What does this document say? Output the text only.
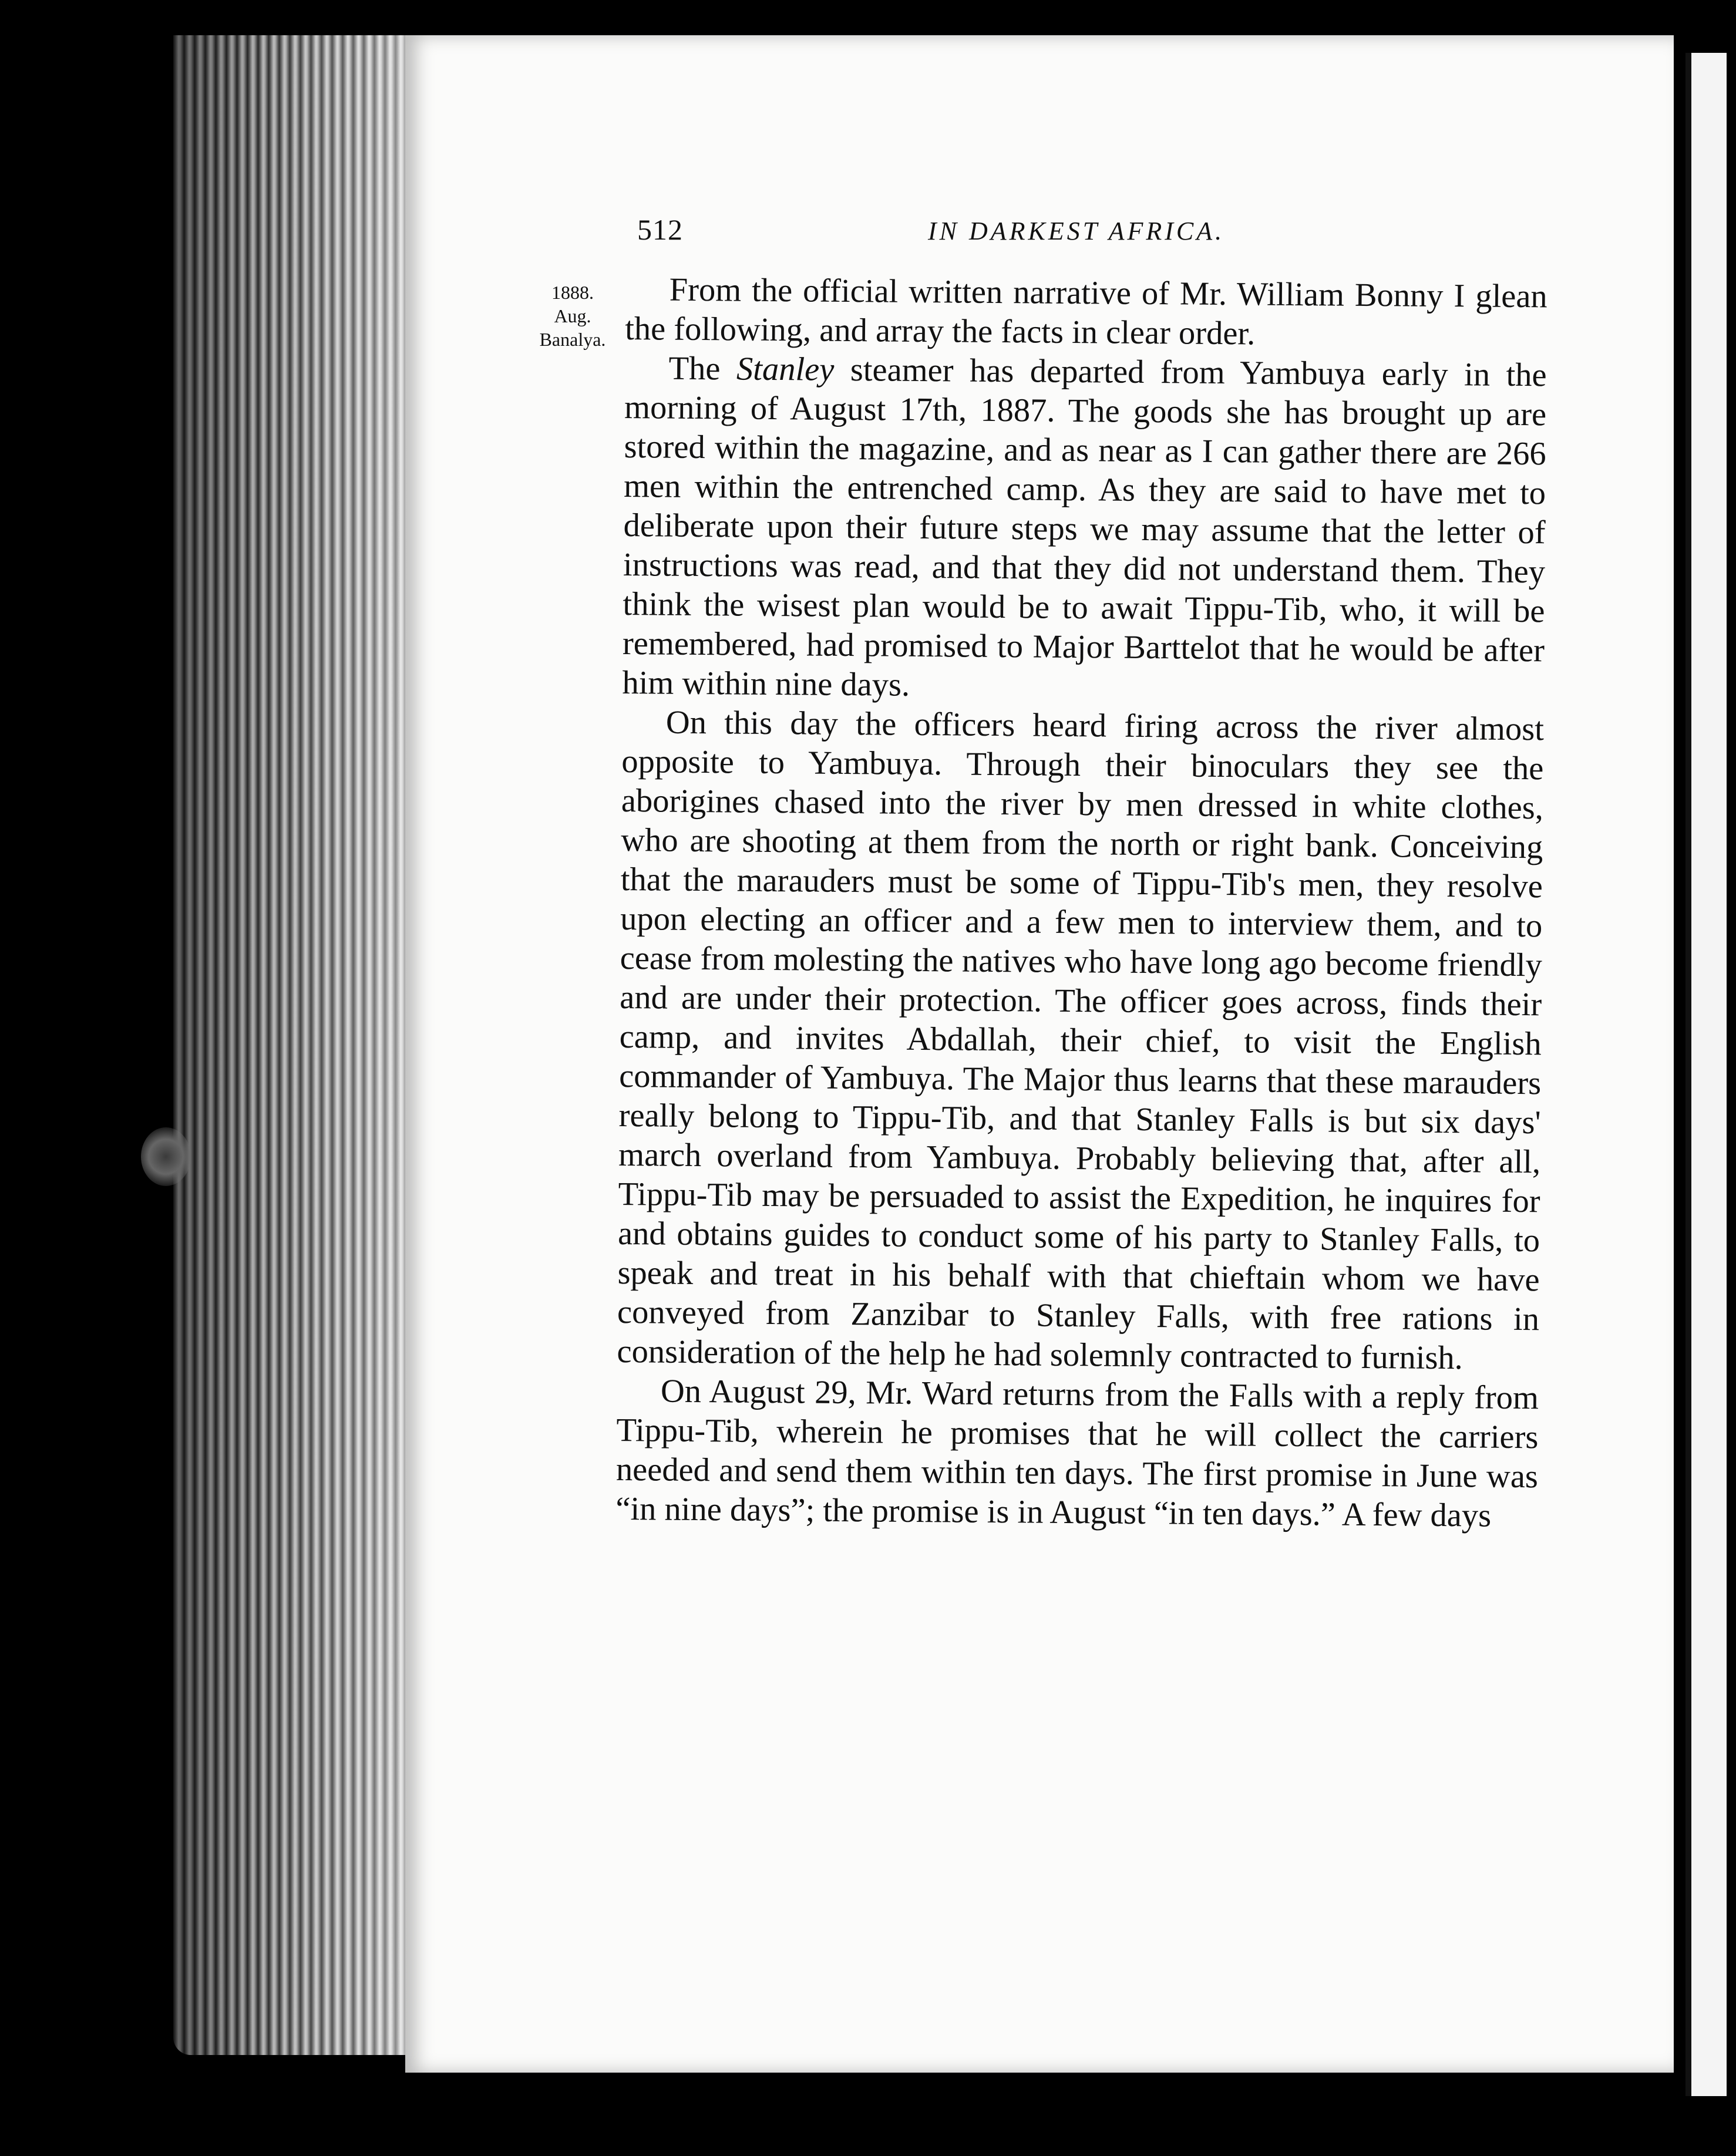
512	IN DARKEST AFRICA.
1888.
Aug.
Banalya.

From the official written narrative of Mr. William Bonny I glean the following, and array the facts in clear order.

The Stanley steamer has departed from Yambuya early in the morning of August 17th, 1887. The goods she has brought up are stored within the magazine, and as near as I can gather there are 266 men within the entrenched camp. As they are said to have met to deliberate upon their future steps we may assume that the letter of instructions was read, and that they did not understand them. They think the wisest plan would be to await Tippu-Tib, who, it will be remembered, had promised to Major Barttelot that he would be after him within nine days.

On this day the officers heard firing across the river almost opposite to Yambuya. Through their binoculars they see the aborigines chased into the river by men dressed in white clothes, who are shooting at them from the north or right bank. Conceiving that the marauders must be some of Tippu-Tib's men, they resolve upon electing an officer and a few men to interview them, and to cease from molesting the natives who have long ago become friendly and are under their protection. The officer goes across, finds their camp, and invites Abdallah, their chief, to visit the English commander of Yambuya. The Major thus learns that these marauders really belong to Tippu-Tib, and that Stanley Falls is but six days' march overland from Yambuya. Probably believing that, after all, Tippu-Tib may be persuaded to assist the Expedition, he inquires for and obtains guides to conduct some of his party to Stanley Falls, to speak and treat in his behalf with that chieftain whom we have conveyed from Zanzibar to Stanley Falls, with free rations in consideration of the help he had solemnly contracted to furnish.

On August 29, Mr. Ward returns from the Falls with a reply from Tippu-Tib, wherein he promises that he will collect the carriers needed and send them within ten days. The first promise in June was “in nine days”; the promise is in August “in ten days.” A few days
